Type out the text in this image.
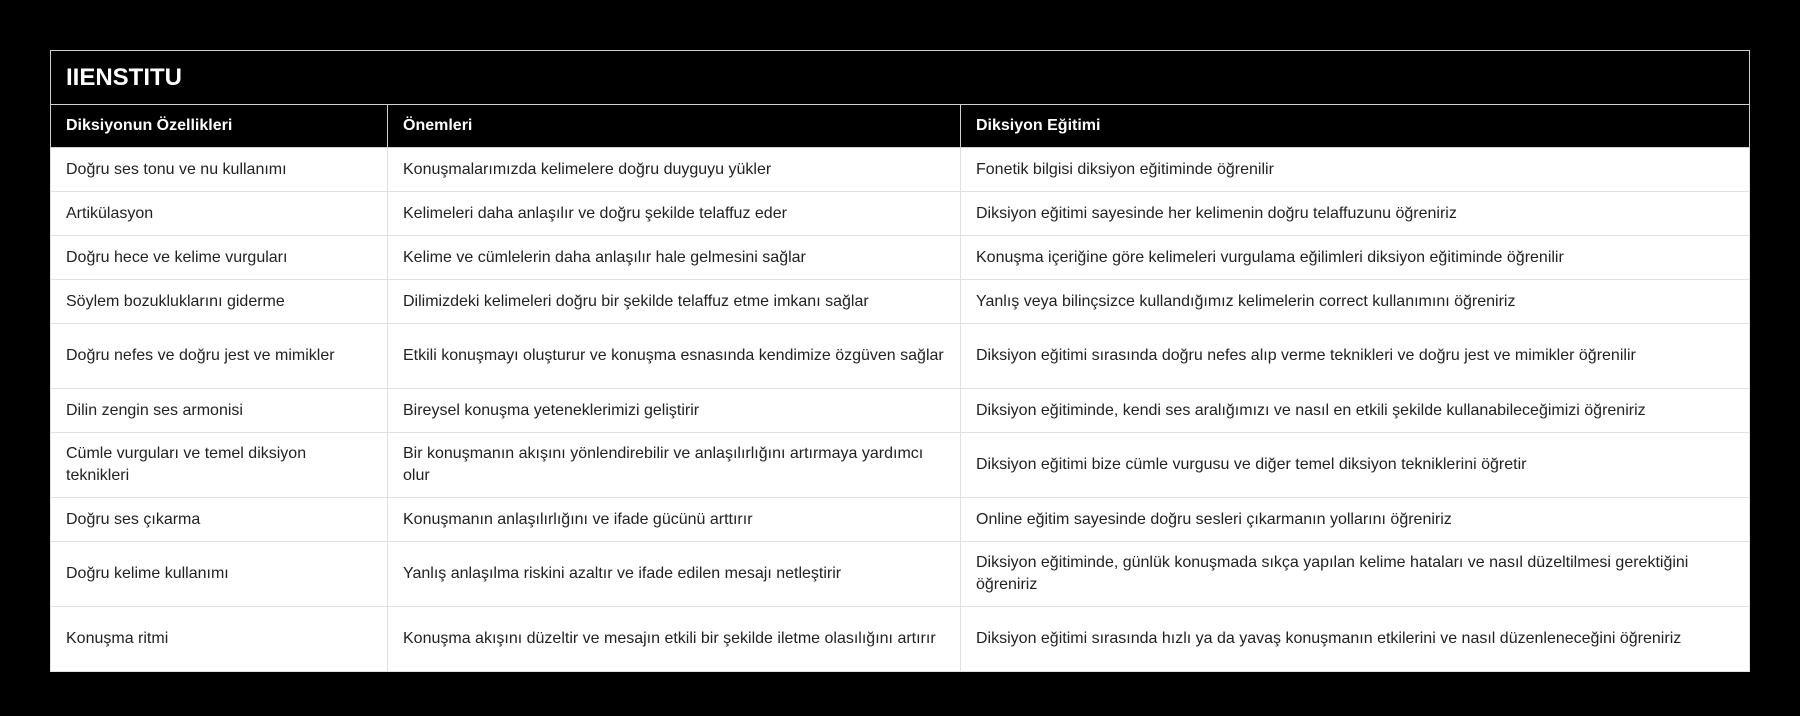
IIENSTITU		
Diksiyonun Özellikleri	Önemleri	Diksiyon Eğitimi
Doğru ses tonu ve nu kullanımı	Konuşmalarımızda kelimelere doğru duyguyu yükler	Fonetik bilgisi diksiyon eğitiminde öğrenilir
Artikülasyon	Kelimeleri daha anlaşılır ve doğru şekilde telaffuz eder	Diksiyon eğitimi sayesinde her kelimenin doğru telaffuzunu öğreniriz
Doğru hece ve kelime vurguları	Kelime ve cümlelerin daha anlaşılır hale gelmesini sağlar	Konuşma içeriğine göre kelimeleri vurgulama eğilimleri diksiyon eğitiminde öğrenilir
Söylem bozukluklarını giderme	Dilimizdeki kelimeleri doğru bir şekilde telaffuz etme imkanı sağlar	Yanlış veya bilinçsizce kullandığımız kelimelerin correct kullanımını öğreniriz
Doğru nefes ve doğru jest ve mimikler	Etkili konuşmayı oluşturur ve konuşma esnasında kendimize özgüven sağlar	Diksiyon eğitimi sırasında doğru nefes alıp verme teknikleri ve doğru jest ve mimikler öğrenilir
Dilin zengin ses armonisi	Bireysel konuşma yeteneklerimizi geliştirir	Diksiyon eğitiminde, kendi ses aralığımızı ve nasıl en etkili şekilde kullanabileceğimizi öğreniriz
Cümle vurguları ve temel diksiyon teknikleri	Bir konuşmanın akışını yönlendirebilir ve anlaşılırlığını artırmaya yardımcı olur	Diksiyon eğitimi bize cümle vurgusu ve diğer temel diksiyon tekniklerini öğretir
Doğru ses çıkarma	Konuşmanın anlaşılırlığını ve ifade gücünü arttırır	Online eğitim sayesinde doğru sesleri çıkarmanın yollarını öğreniriz
Doğru kelime kullanımı	Yanlış anlaşılma riskini azaltır ve ifade edilen mesajı netleştirir	Diksiyon eğitiminde, günlük konuşmada sıkça yapılan kelime hataları ve nasıl düzeltilmesi gerektiğini öğreniriz
Konuşma ritmi	Konuşma akışını düzeltir ve mesajın etkili bir şekilde iletme olasılığını artırır	Diksiyon eğitimi sırasında hızlı ya da yavaş konuşmanın etkilerini ve nasıl düzenleneceğini öğreniriz
